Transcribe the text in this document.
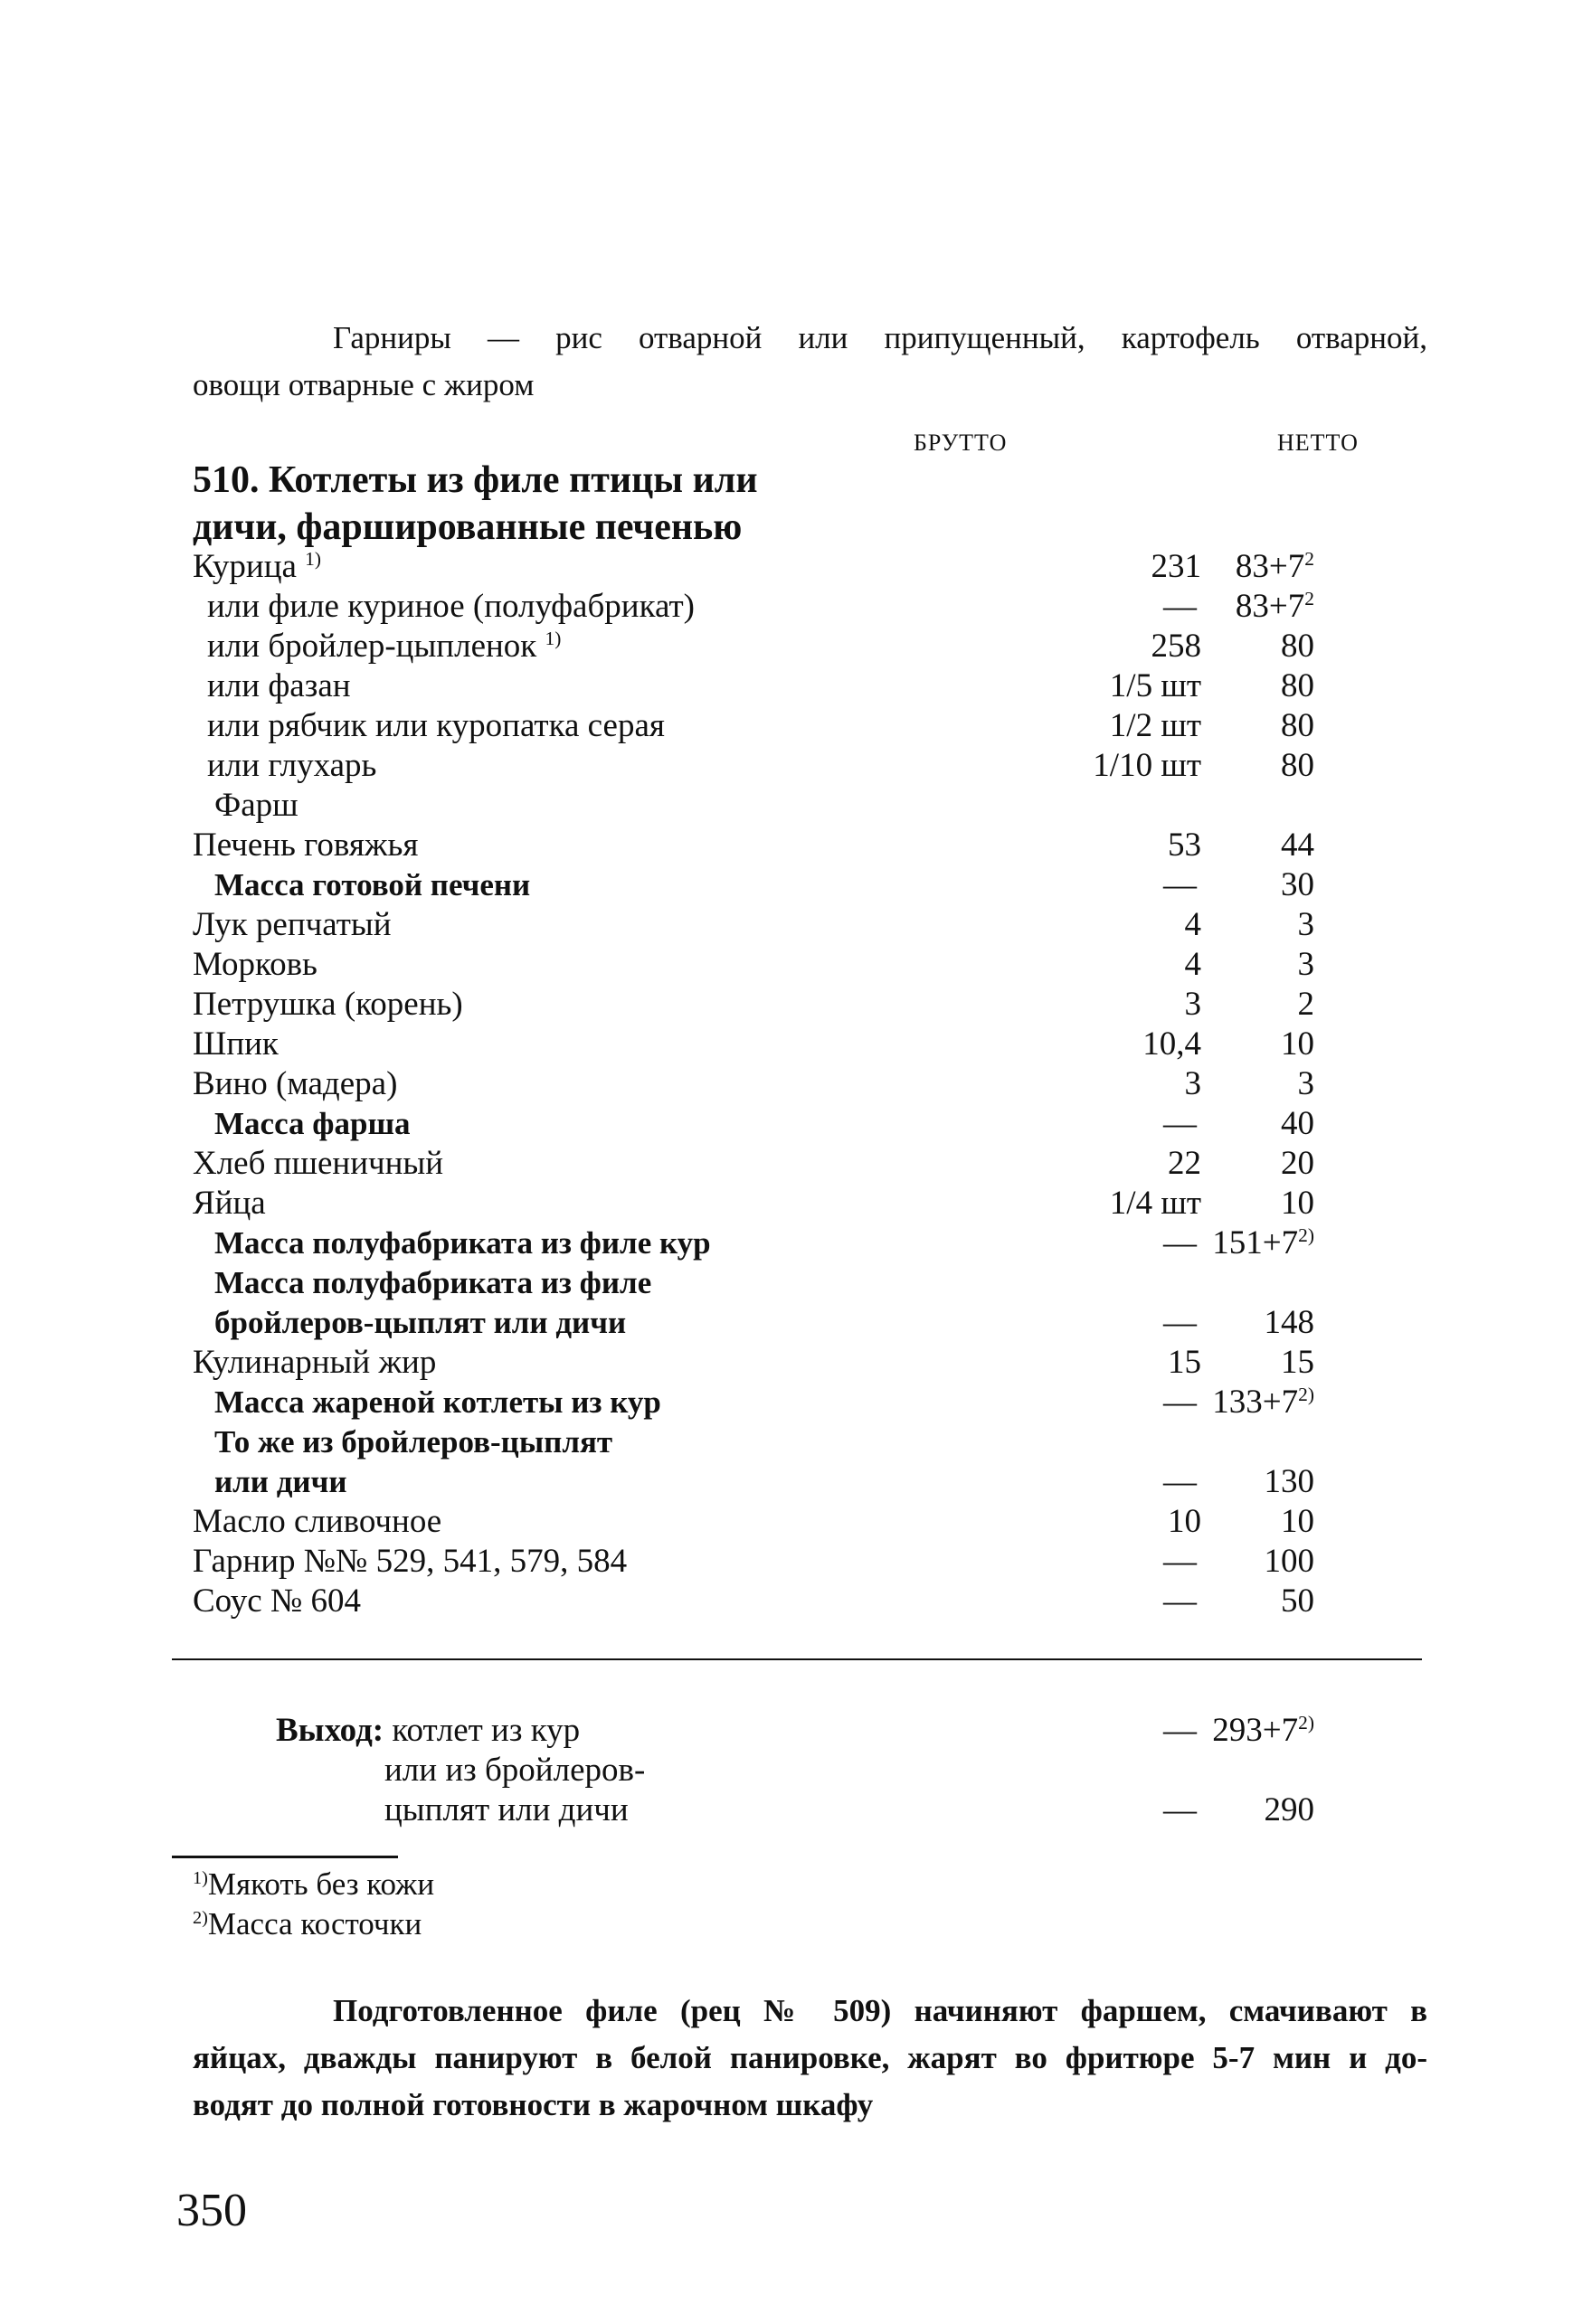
Гарниры — рис отварной или припущенный, картофель отварной,
овощи отварные с жиром
БРУТТО	НЕТТО
510. Котлеты из филе птицы или
дичи, фаршированные печенью
Курица $^{1)}$	231	$83+7^2$
или филе куриное (полуфабрикат)	—	$83+7^2$
или бройлер-цыпленок $^{1)}$	258	80
или фазан	1/5 шт	80
или рябчик или куропатка серая	1/2 шт	80
или глухарь	1/10 шт	80
Фарш
Печень говяжья	53	44
Масса готовой печени	—	30
Лук репчатый	4	3
Морковь	4	3
Петрушка (корень)	3	2
Шпик	10,4	10
Вино (мадера)	3	3
Масса фарша	—	40
Хлеб пшеничный	22	20
Яйца	1/4 шт	10
Масса полуфабриката из филе кур	— $151+7^{2)}$
Масса полуфабриката из филе
бройлеров-цыплят или дичи	—	148
Кулинарный жир	15	15
Масса жареной котлеты из кур	— $133+7^{2)}$
То же из бройлеров-цыплят
или дичи	—	130
Масло сливочное	10	10
Гарнир №№ 529, 541, 579, 584	—	100
Соус № 604	—	50
Выход: котлет из кур	— $293+7^{2)}$
или из бройлеров-
цыплят или дичи	—	290
$^{1)}$Мякоть без кожи
$^{2)}$Масса косточки
Подготовленное филе (рец № 509) начиняют фаршем, смачивают в
яйцах, дважды панируют в белой панировке, жарят во фритюре 5-7 мин и до-
водят до полной готовности в жарочном шкафу
350
